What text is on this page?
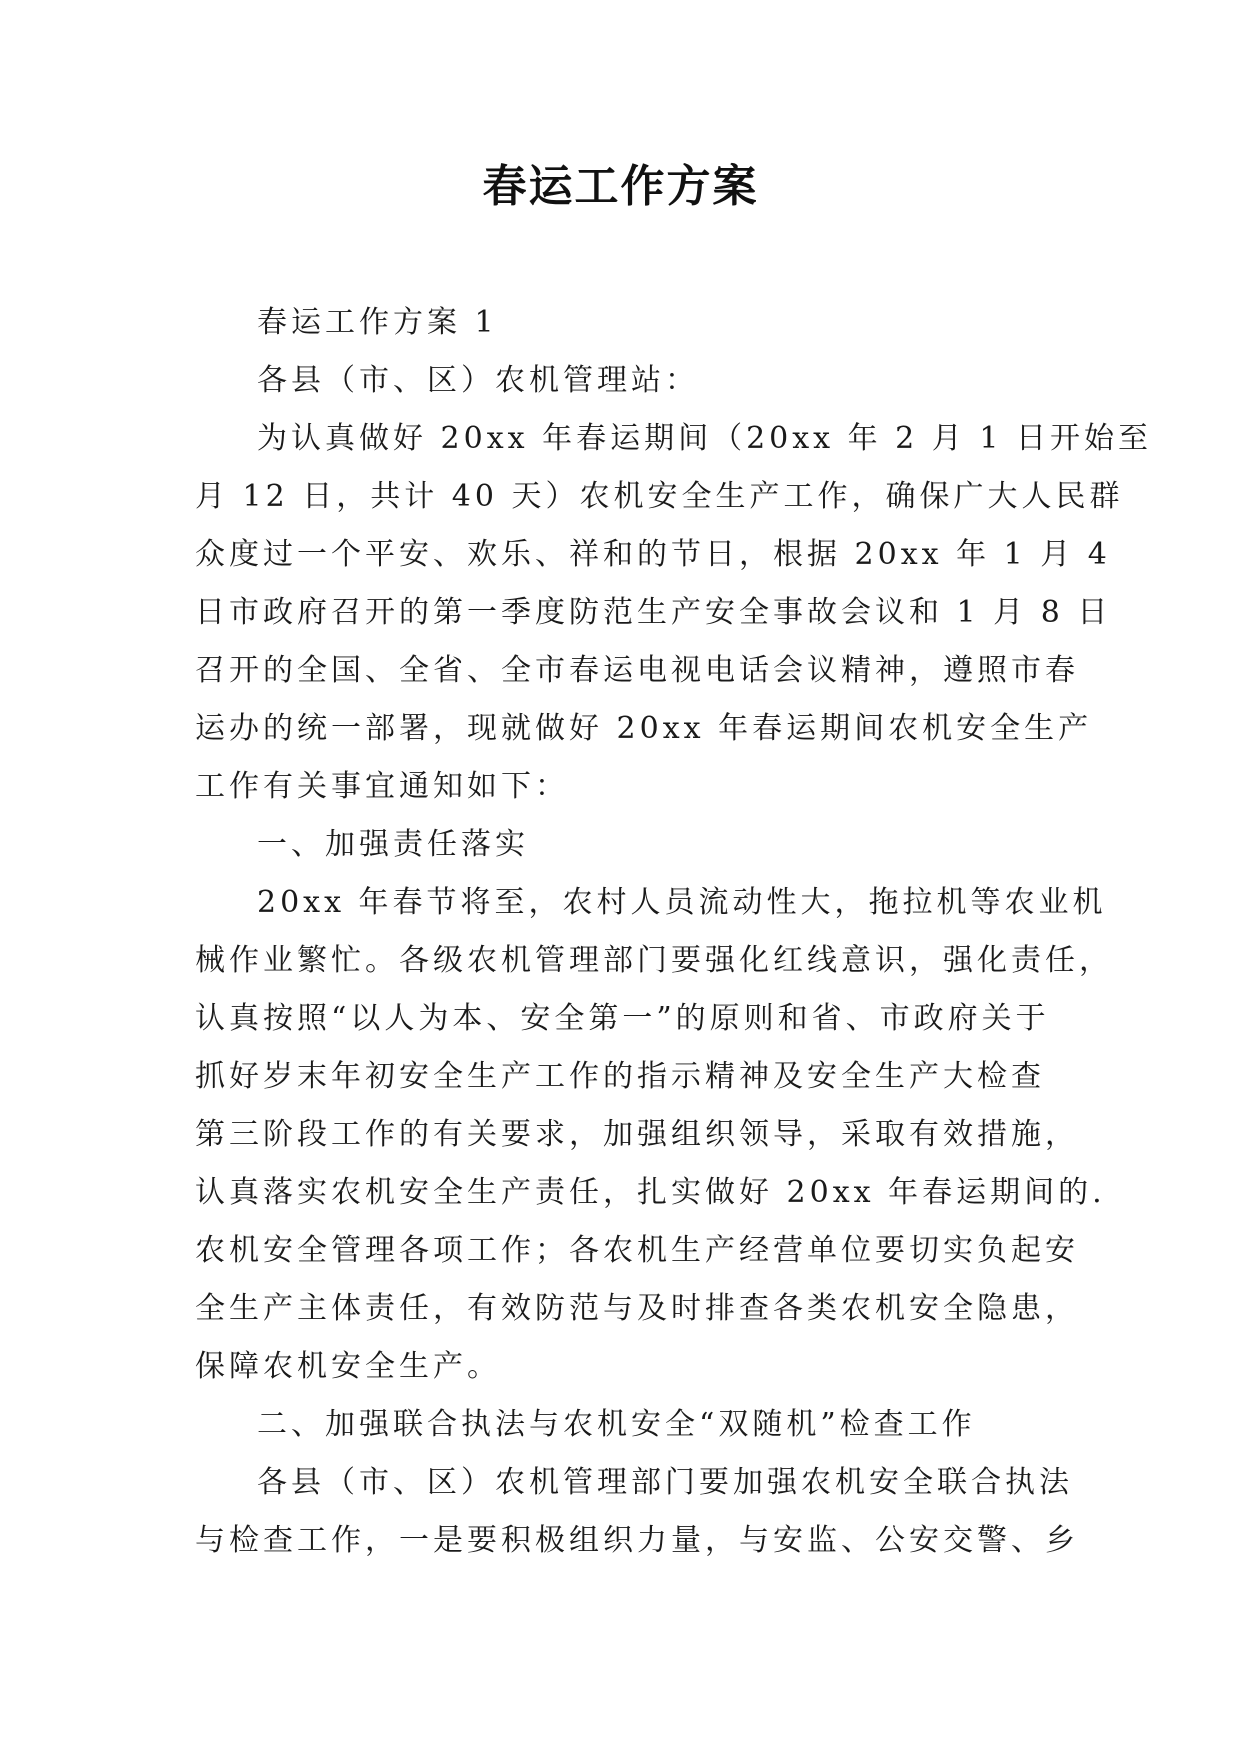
春运工作方案
春运工作方案 1
各县（市、区）农机管理站：
为认真做好 20xx 年春运期间（20xx 年 2 月 1 日开始至
月 12 日，共计 40 天）农机安全生产工作，确保广大人民群
众度过一个平安、欢乐、祥和的节日，根据 20xx 年 1 月 4
日市政府召开的第一季度防范生产安全事故会议和 1 月 8 日
召开的全国、全省、全市春运电视电话会议精神，遵照市春
运办的统一部署，现就做好 20xx 年春运期间农机安全生产
工作有关事宜通知如下：
一、加强责任落实
20xx 年春节将至，农村人员流动性大，拖拉机等农业机
械作业繁忙。各级农机管理部门要强化红线意识，强化责任，
认真按照“以人为本、安全第一”的原则和省、市政府关于
抓好岁末年初安全生产工作的指示精神及安全生产大检查
第三阶段工作的有关要求，加强组织领导，采取有效措施，
认真落实农机安全生产责任，扎实做好 20xx 年春运期间的.
农机安全管理各项工作；各农机生产经营单位要切实负起安
全生产主体责任，有效防范与及时排查各类农机安全隐患，
保障农机安全生产。
二、加强联合执法与农机安全“双随机”检查工作
各县（市、区）农机管理部门要加强农机安全联合执法
与检查工作，一是要积极组织力量，与安监、公安交警、乡
